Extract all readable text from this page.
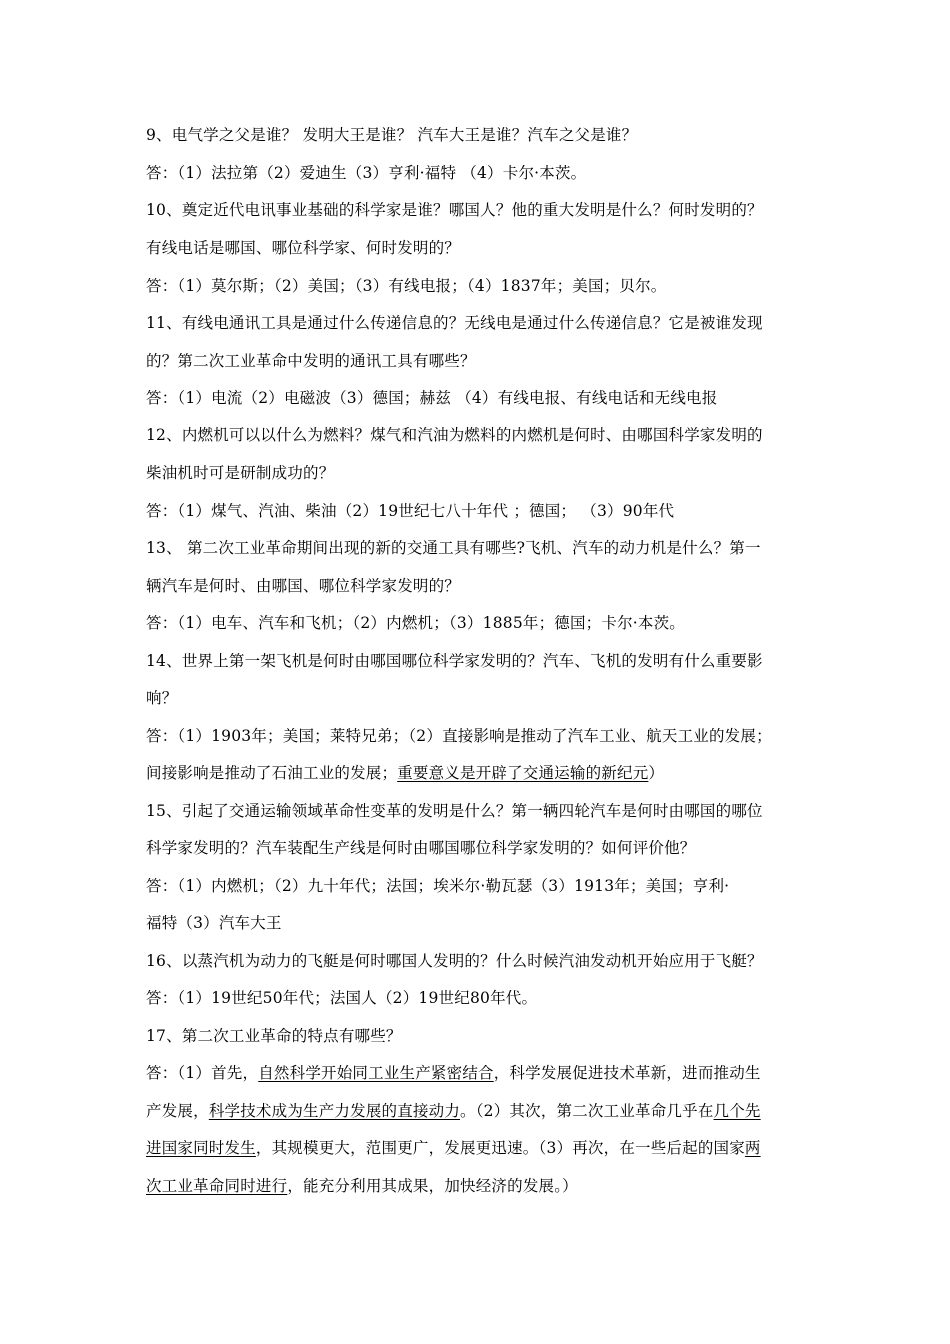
9、电气学之父是谁？ 发明大王是谁？ 汽车大王是谁？汽车之父是谁？
答：（1）法拉第（2）爱迪生（3）亨利·福特 （4）卡尔·本茨。
10、奠定近代电讯事业基础的科学家是谁？哪国人？他的重大发明是什么？何时发明的？
有线电话是哪国、哪位科学家、何时发明的？
答：（1）莫尔斯；（2）美国；（3）有线电报；（4）1837年；美国；贝尔。
11、有线电通讯工具是通过什么传递信息的？无线电是通过什么传递信息？它是被谁发现
的？第二次工业革命中发明的通讯工具有哪些？
答：（1）电流（2）电磁波（3）德国；赫兹 （4）有线电报、有线电话和无线电报
12、内燃机可以以什么为燃料？煤气和汽油为燃料的内燃机是何时、由哪国科学家发明的
柴油机时可是研制成功的？
答：（1）煤气、汽油、柴油（2）19世纪七八十年代 ；德国； （3）90年代
13、 第二次工业革命期间出现的新的交通工具有哪些?飞机、汽车的动力机是什么？第一
辆汽车是何时、由哪国、哪位科学家发明的？
答：（1）电车、汽车和飞机；（2）内燃机；（3）1885年；德国；卡尔·本茨。
14、世界上第一架飞机是何时由哪国哪位科学家发明的？汽车、飞机的发明有什么重要影
响？
答：（1）1903年；美国；莱特兄弟；（2）直接影响是推动了汽车工业、航天工业的发展；
间接影响是推动了石油工业的发展；重要意义是开辟了交通运输的新纪元）
15、引起了交通运输领域革命性变革的发明是什么？第一辆四轮汽车是何时由哪国的哪位
科学家发明的？汽车装配生产线是何时由哪国哪位科学家发明的？如何评价他？
答：（1）内燃机；（2）九十年代；法国；埃米尔·勒瓦瑟（3）1913年；美国；亨利·
福特（3）汽车大王
16、以蒸汽机为动力的飞艇是何时哪国人发明的？什么时候汽油发动机开始应用于飞艇？
答：（1）19世纪50年代；法国人（2）19世纪80年代。
17、第二次工业革命的特点有哪些？
答：（1）首先，自然科学开始同工业生产紧密结合，科学发展促进技术革新，进而推动生
产发展，科学技术成为生产力发展的直接动力。（2）其次，第二次工业革命几乎在几个先
进国家同时发生，其规模更大，范围更广，发展更迅速。（3）再次，在一些后起的国家两
次工业革命同时进行，能充分利用其成果，加快经济的发展。）
